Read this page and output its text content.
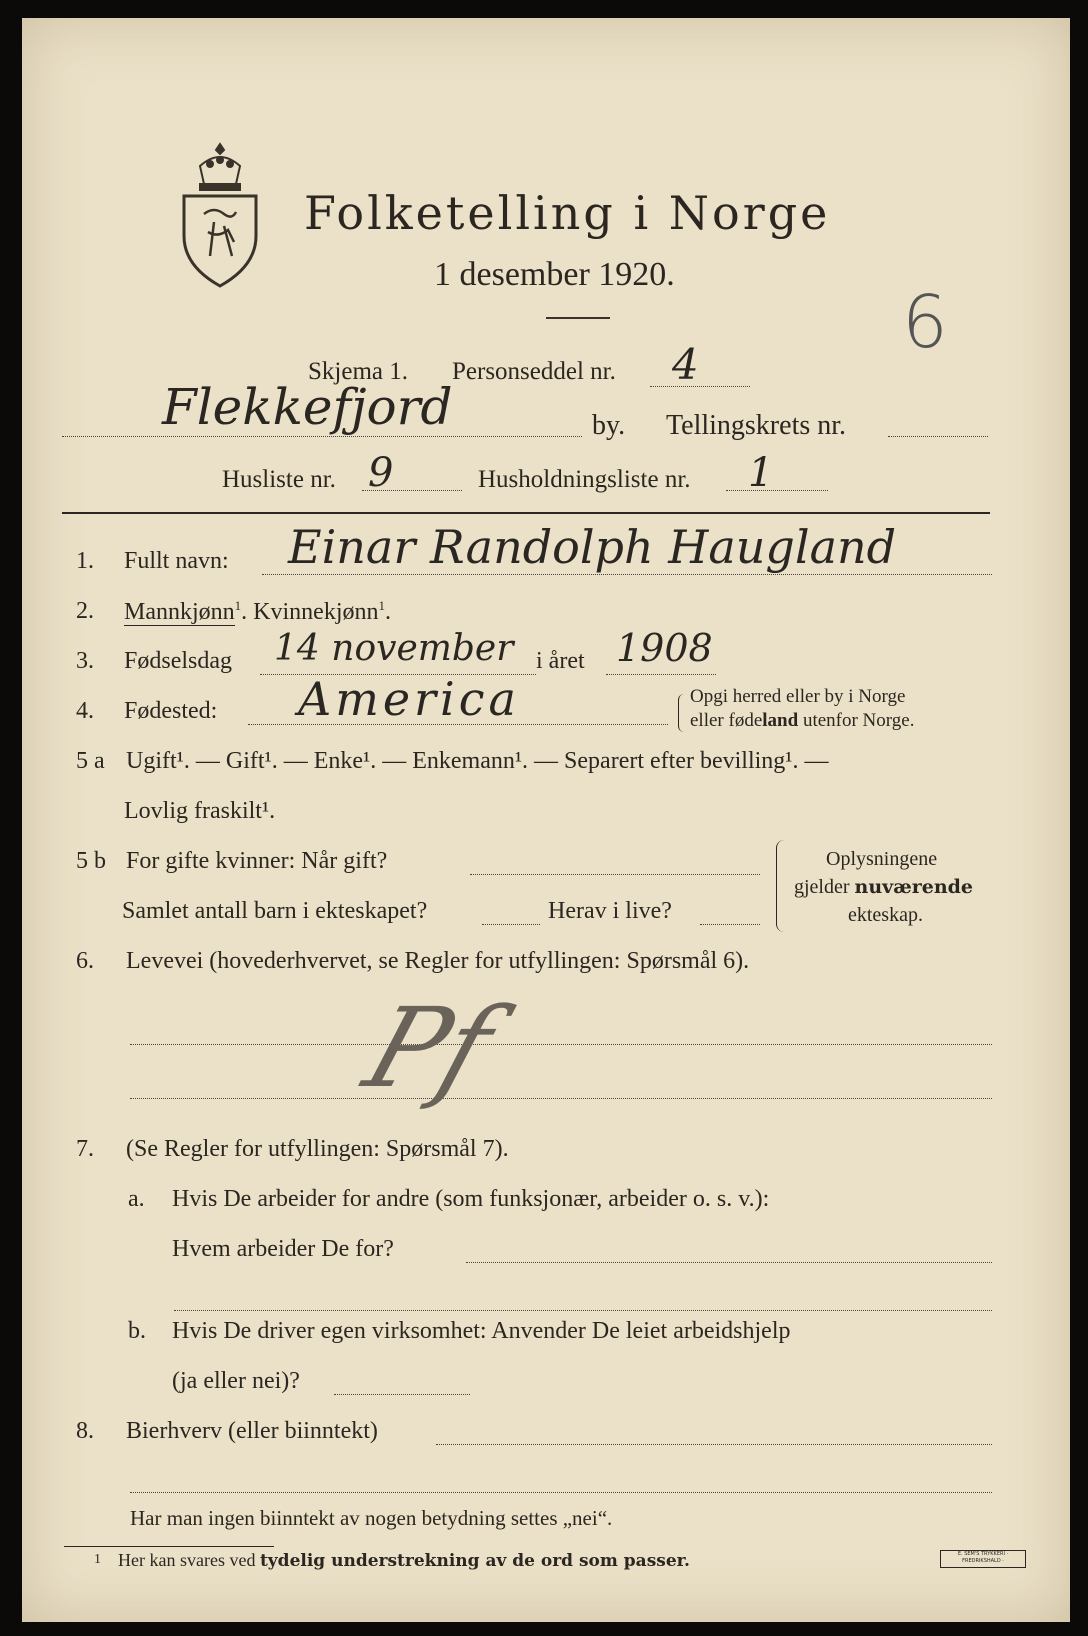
Folketelling i Norge
1 desember 1920.
Skjema 1. Personseddel nr. 4
6
Flekkefjord	by. Tellingskrets nr.
Husliste nr. 9	Husholdningsliste nr. 1
1. Fullt navn: Einar Randolph Haugland
2. Mannkjønn$^1$. Kvinnekjønn$^1$.
3. Fødselsdag 14 november i året 1908
4. Fødested: America	Opgi herred eller by i Norge
eller fødeland utenfor Norge.
5 a Ugift¹. — Gift¹. — Enke¹. — Enkemann¹. — Separert efter bevilling¹. —
Lovlig fraskilt¹.
5 b For gifte kvinner: Når gift?
Samlet antall barn i ekteskapet?	Herav i live?
Oplysningene
gjelder nuværende
ekteskap.
6. Levevei (hovederhvervet, se Regler for utfyllingen: Spørsmål 6).
Pf
7. (Se Regler for utfyllingen: Spørsmål 7).
a. Hvis De arbeider for andre (som funksjonær, arbeider o. s. v.):
Hvem arbeider De for?
b. Hvis De driver egen virksomhet: Anvender De leiet arbeidshjelp
(ja eller nei)?
8. Bierhverv (eller biinntekt)
Har man ingen biinntekt av nogen betydning settes „nei“.
1 Her kan svares ved tydelig understrekning av de ord som passer.	E. SEM'S TRYKKERI · FREDRIKSHALD ·
